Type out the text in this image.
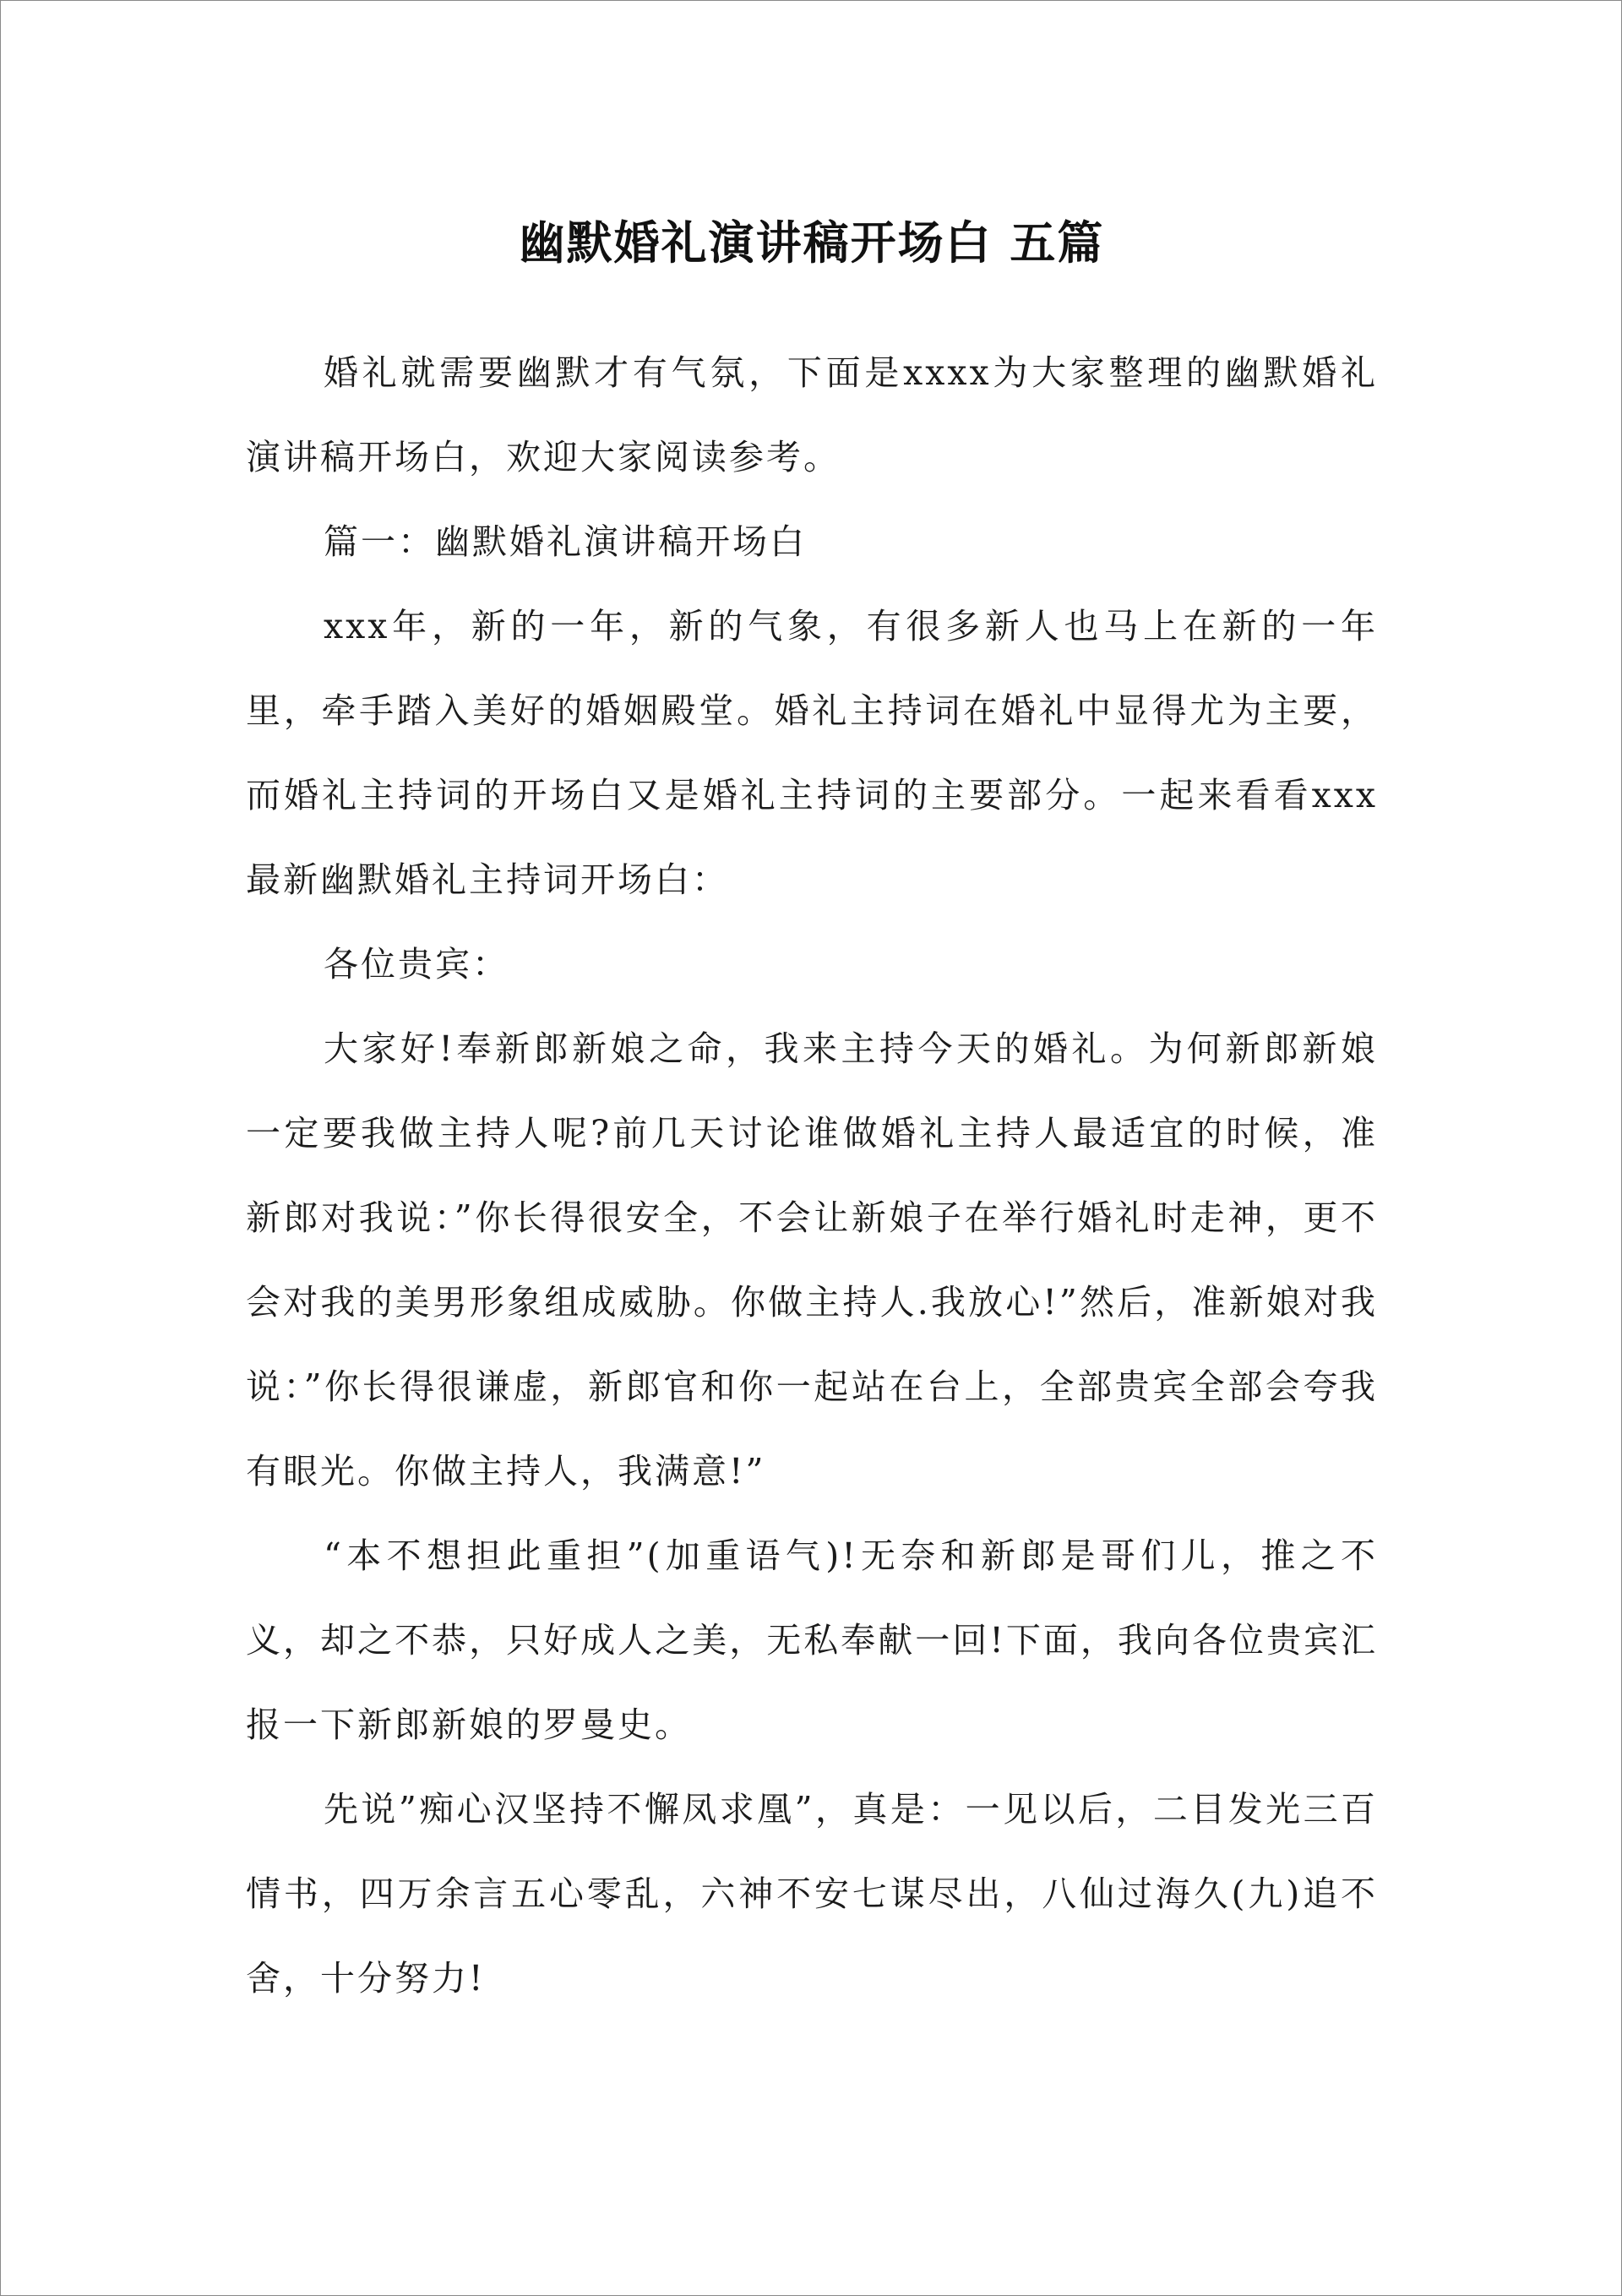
幽默婚礼演讲稿开场白 五篇

婚礼就需要幽默才有气氛，下面是xxxx为大家整理的幽默婚礼演讲稿开场白，欢迎大家阅读参考。

篇一：幽默婚礼演讲稿开场白

xxx年，新的一年，新的气象，有很多新人也马上在新的一年里，牵手踏入美好的婚姻殿堂。婚礼主持词在婚礼中显得尤为主要，而婚礼主持词的开场白又是婚礼主持词的主要部分。一起来看看xxx最新幽默婚礼主持词开场白：

各位贵宾：

大家好!奉新郎新娘之命，我来主持今天的婚礼。为何新郎新娘一定要我做主持人呢?前几天讨论谁做婚礼主持人最适宜的时候，准新郎对我说：”你长得很安全，不会让新娘子在举行婚礼时走神，更不会对我的美男形象组成威胁。你做主持人.我放心!”然后，准新娘对我说：”你长得很谦虚，新郎官和你一起站在台上，全部贵宾全部会夸我有眼光。你做主持人，我满意!”

“本不想担此重担”(加重语气)!无奈和新郎是哥们儿，推之不义，却之不恭，只好成人之美，无私奉献一回!下面，我向各位贵宾汇报一下新郎新娘的罗曼史。

先说”痴心汉坚持不懈凤求凰”，真是：一见以后，二目发光三百情书，四万余言五心零乱，六神不安七谋尽出，八仙过海久(九)追不舍，十分努力!
